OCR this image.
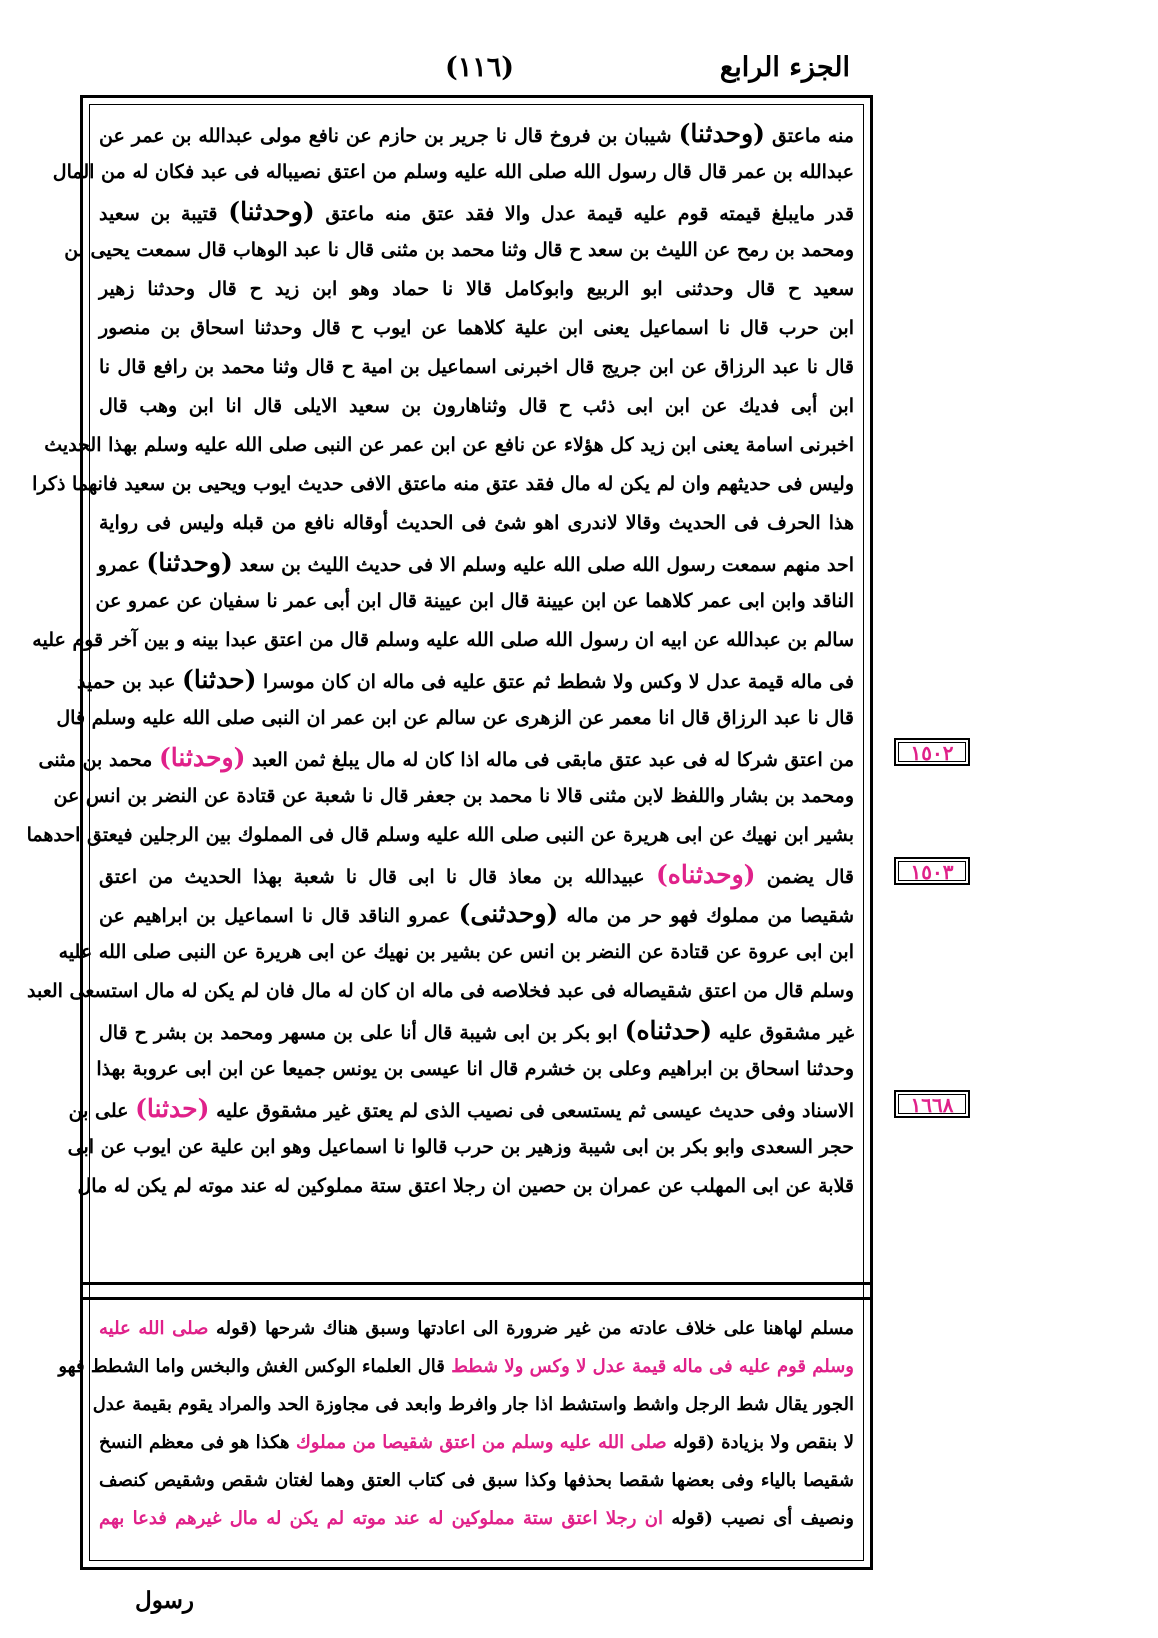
الجزء الرابع
(١١٦)
منه ماعتق (وحدثنا) شيبان بن فروخ قال نا جرير بن حازم عن نافع مولى عبدالله بن عمر عن
عبدالله بن عمر قال قال رسول الله صلى الله عليه وسلم من اعتق نصيباله فى عبد فكان له من المال
قدر مايبلغ قيمته قوم عليه قيمة عدل والا فقد عتق منه ماعتق (وحدثنا) قتيبة بن سعيد
ومحمد بن رمح عن الليث بن سعد ح قال وثنا محمد بن مثنى قال نا عبد الوهاب قال سمعت يحيى بن
سعيد ح قال وحدثنى ابو الربيع وابوكامل قالا نا حماد وهو ابن زيد ح قال وحدثنا زهير
ابن حرب قال نا اسماعيل يعنى ابن علية كلاهما عن ايوب ح قال وحدثنا اسحاق بن منصور
قال نا عبد الرزاق عن ابن جريج قال اخبرنى اسماعيل بن امية ح قال وثنا محمد بن رافع قال نا
ابن أبى فديك عن ابن ابى ذئب ح قال وثناهارون بن سعيد الايلى قال انا ابن وهب قال
اخبرنى اسامة يعنى ابن زيد كل هؤلاء عن نافع عن ابن عمر عن النبى صلى الله عليه وسلم بهذا الحديث
وليس فى حديثهم وان لم يكن له مال فقد عتق منه ماعتق الافى حديث ايوب ويحيى بن سعيد فانهما ذكرا
هذا الحرف فى الحديث وقالا لاندرى اهو شئ فى الحديث أوقاله نافع من قبله وليس فى رواية
احد منهم سمعت رسول الله صلى الله عليه وسلم الا فى حديث الليث بن سعد (وحدثنا) عمرو
الناقد وابن ابى عمر كلاهما عن ابن عيينة قال ابن عيينة قال ابن أبى عمر نا سفيان عن عمرو عن
سالم بن عبدالله عن ابيه ان رسول الله صلى الله عليه وسلم قال من اعتق عبدا بينه و بين آخر قوم عليه
فى ماله قيمة عدل لا وكس ولا شطط ثم عتق عليه فى ماله ان كان موسرا (حدثنا) عبد بن حميد
قال نا عبد الرزاق قال انا معمر عن الزهرى عن سالم عن ابن عمر ان النبى صلى الله عليه وسلم قال
من اعتق شركا له فى عبد عتق مابقى فى ماله اذا كان له مال يبلغ ثمن العبد (وحدثنا) محمد بن مثنى
ومحمد بن بشار واللفظ لابن مثنى قالا نا محمد بن جعفر قال نا شعبة عن قتادة عن النضر بن انس عن
بشير ابن نهيك عن ابى هريرة عن النبى صلى الله عليه وسلم قال فى المملوك بين الرجلين فيعتق احدهما
قال يضمن (وحدثناه) عبيدالله بن معاذ قال نا ابى قال نا شعبة بهذا الحديث من اعتق
شقيصا من مملوك فهو حر من ماله (وحدثنى) عمرو الناقد قال نا اسماعيل بن ابراهيم عن
ابن ابى عروة عن قتادة عن النضر بن انس عن بشير بن نهيك عن ابى هريرة عن النبى صلى الله عليه
وسلم قال من اعتق شقيصاله فى عبد فخلاصه فى ماله ان كان له مال فان لم يكن له مال استسعى العبد
غير مشقوق عليه (حدثناه) ابو بكر بن ابى شيبة قال أنا على بن مسهر ومحمد بن بشر ح قال
وحدثنا اسحاق بن ابراهيم وعلى بن خشرم قال انا عيسى بن يونس جميعا عن ابن ابى عروبة بهذا
الاسناد وفى حديث عيسى ثم يستسعى فى نصيب الذى لم يعتق غير مشقوق عليه (حدثنا) على بن
حجر السعدى وابو بكر بن ابى شيبة وزهير بن حرب قالوا نا اسماعيل وهو ابن علية عن ايوب عن ابى
قلابة عن ابى المهلب عن عمران بن حصين ان رجلا اعتق ستة مملوكين له عند موته لم يكن له مال
مسلم لهاهنا على خلاف عادته من غير ضرورة الى اعادتها وسبق هناك شرحها (قوله صلى الله عليه
وسلم قوم عليه فى ماله قيمة عدل لا وكس ولا شطط قال العلماء الوكس الغش والبخس واما الشطط فهو
الجور يقال شط الرجل واشط واستشط اذا جار وافرط وابعد فى مجاوزة الحد والمراد يقوم بقيمة عدل
لا بنقص ولا بزيادة (قوله صلى الله عليه وسلم من اعتق شقيصا من مملوك هكذا هو فى معظم النسخ
شقيصا بالياء وفى بعضها شقصا بحذفها وكذا سبق فى كتاب العتق وهما لغتان شقص وشقيص كنصف
ونصيف أى نصيب (قوله ان رجلا اعتق ستة مملوكين له عند موته لم يكن له مال غيرهم فدعا بهم
١٥٠٢
١٥٠٣
١٦٦٨
رسول
